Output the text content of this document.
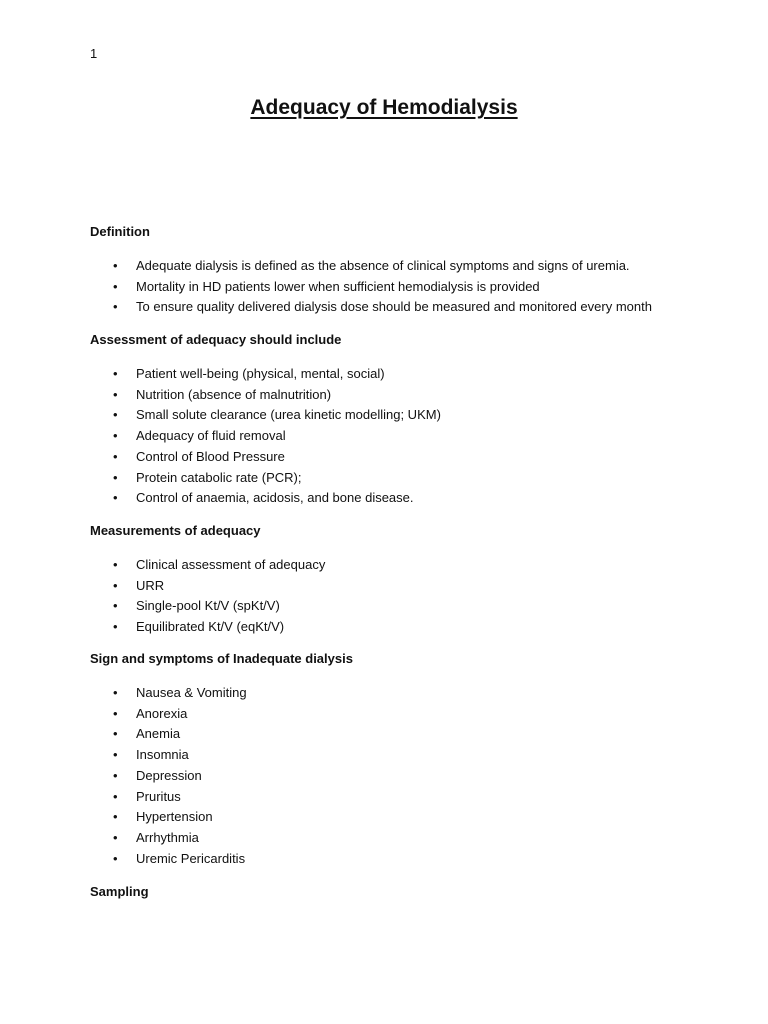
1
Adequacy of Hemodialysis
Definition
• Adequate dialysis is defined as the absence of clinical symptoms and signs of uremia.
• Mortality in HD patients lower when sufficient hemodialysis is provided
• To ensure quality delivered dialysis dose should be measured and monitored every month
Assessment of adequacy should include
• Patient well-being (physical, mental, social)
• Nutrition (absence of malnutrition)
• Small solute clearance (urea kinetic modelling; UKM)
• Adequacy of fluid removal
• Control of Blood Pressure
• Protein catabolic rate (PCR);
• Control of anaemia, acidosis, and bone disease.
Measurements of adequacy
• Clinical assessment of adequacy
• URR
• Single-pool Kt/V (spKt/V)
• Equilibrated Kt/V (eqKt/V)
Sign and symptoms of Inadequate dialysis
• Nausea & Vomiting
• Anorexia
• Anemia
• Insomnia
• Depression
• Pruritus
• Hypertension
• Arrhythmia
• Uremic Pericarditis
Sampling
